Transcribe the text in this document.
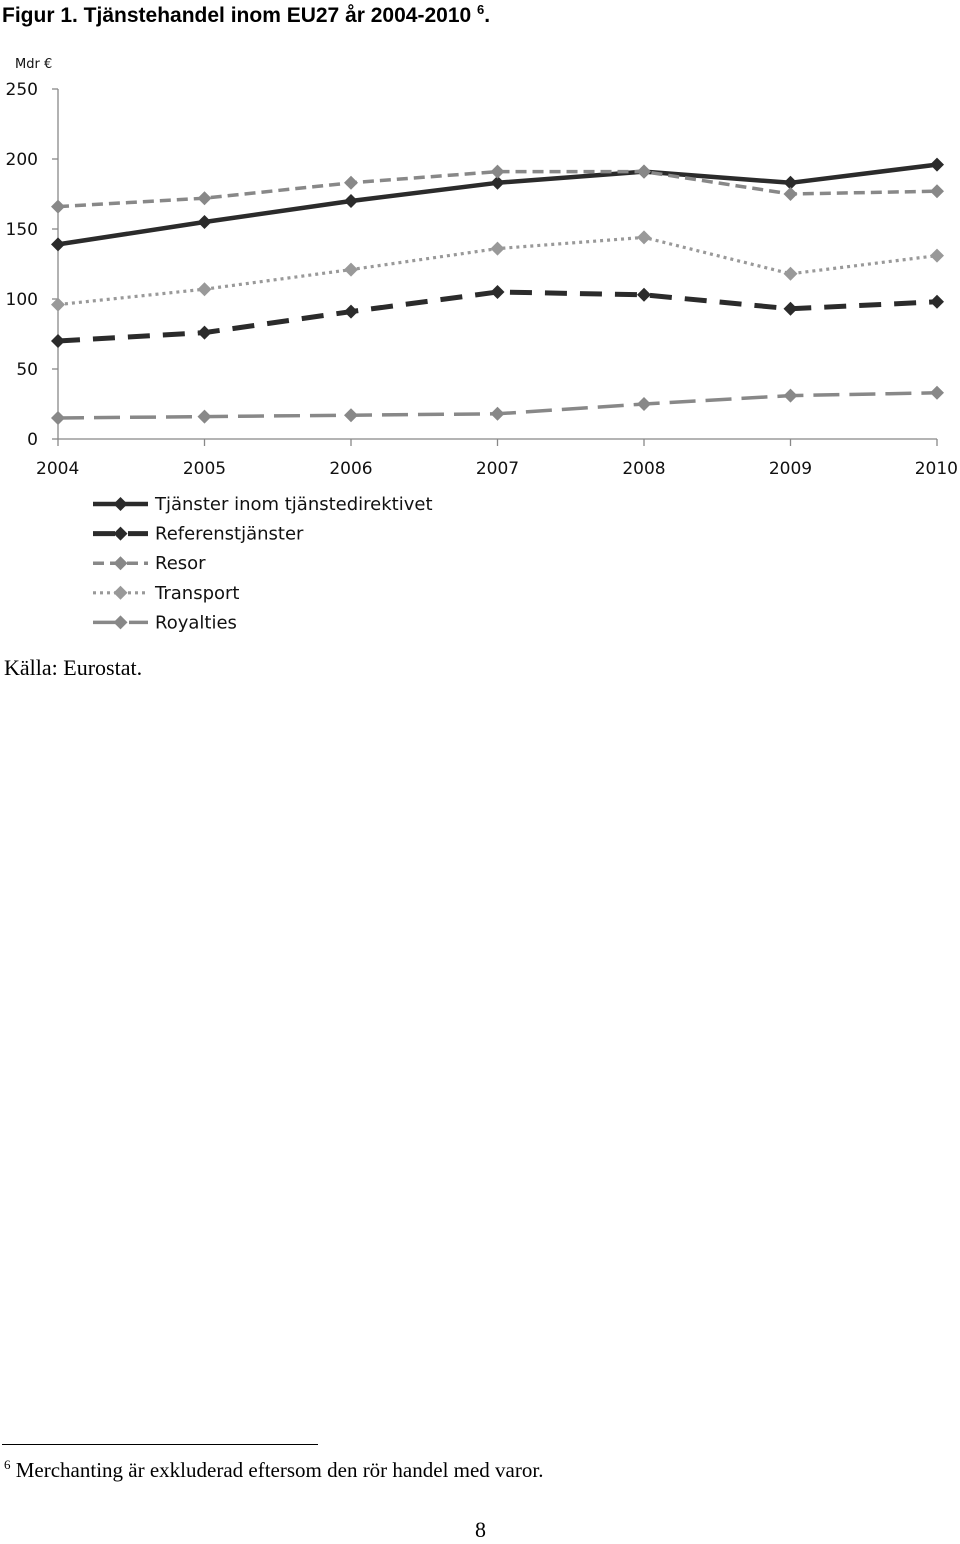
Figur 1. Tjänstehandel inom EU27 år 2004-2010 $^6$.
Mdr €
0
50
100
150
200
250
2004	2005	2006	2007	2008	2009	2010
Tjänster inom tjänstedirektivet
Referenstjänster
Resor
Transport
Royalties
Källa: Eurostat.
$^6$ Merchanting är exkluderad eftersom den rör handel med varor.
8
